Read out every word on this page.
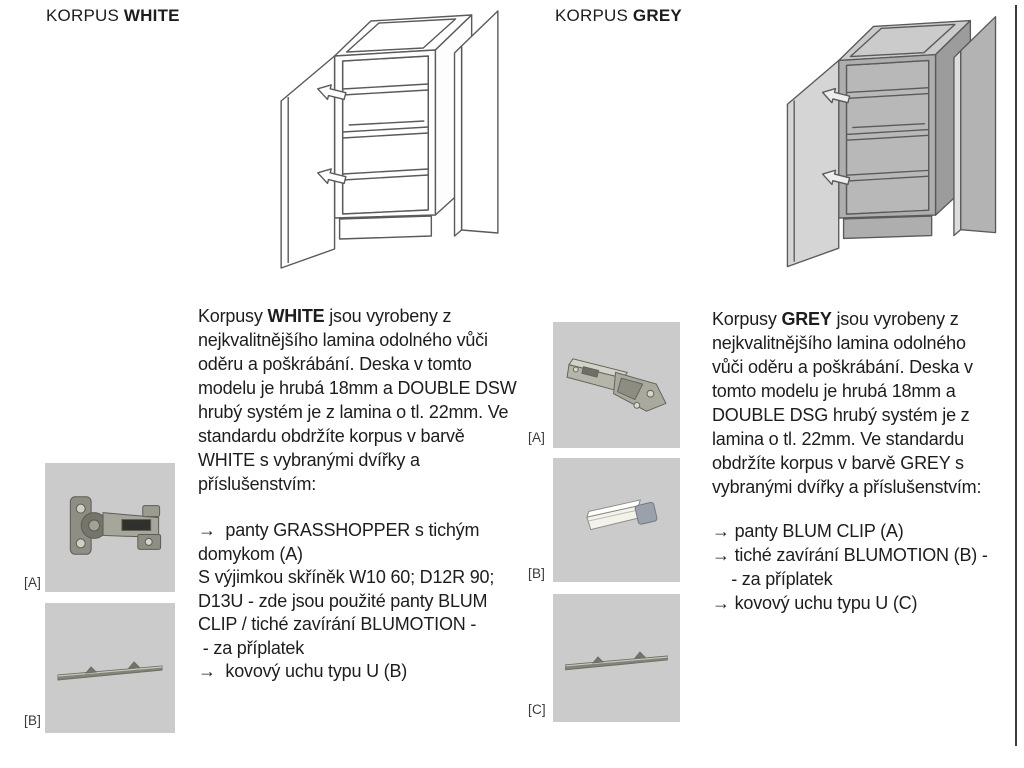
KORPUS WHITE
Korpusy WHITE jsou vyrobeny z
nejkvalitnějšího lamina odolného vůči
oděru a poškrábání. Deska v tomto
modelu je hrubá 18mm a DOUBLE DSW
hrubý systém je z lamina o tl. 22mm. Ve
standardu obdržíte korpus v barvě
WHITE s vybranými dvířky a
příslušenstvím:
→  panty GRASSHOPPER s tichým
domykom (A)
S výjimkou skříněk W10 60; D12R 90;
D13U - zde jsou použité panty BLUM
CLIP / tiché zavírání BLUMOTION -
- za příplatek
→  kovový uchu typu U (B)
[A]
[B]
KORPUS GREY
Korpusy GREY jsou vyrobeny z
nejkvalitnějšího lamina odolného
vůči oděru a poškrábání. Deska v
tomto modelu je hrubá 18mm a
DOUBLE DSG hrubý systém je z
lamina o tl. 22mm. Ve standardu
obdržíte korpus v barvě GREY s
vybranými dvířky a příslušenstvím:
→ panty BLUM CLIP (A)
→ tiché zavírání BLUMOTION (B) -
- za příplatek
→ kovový uchu typu U (C)
[A]
[B]
[C]
